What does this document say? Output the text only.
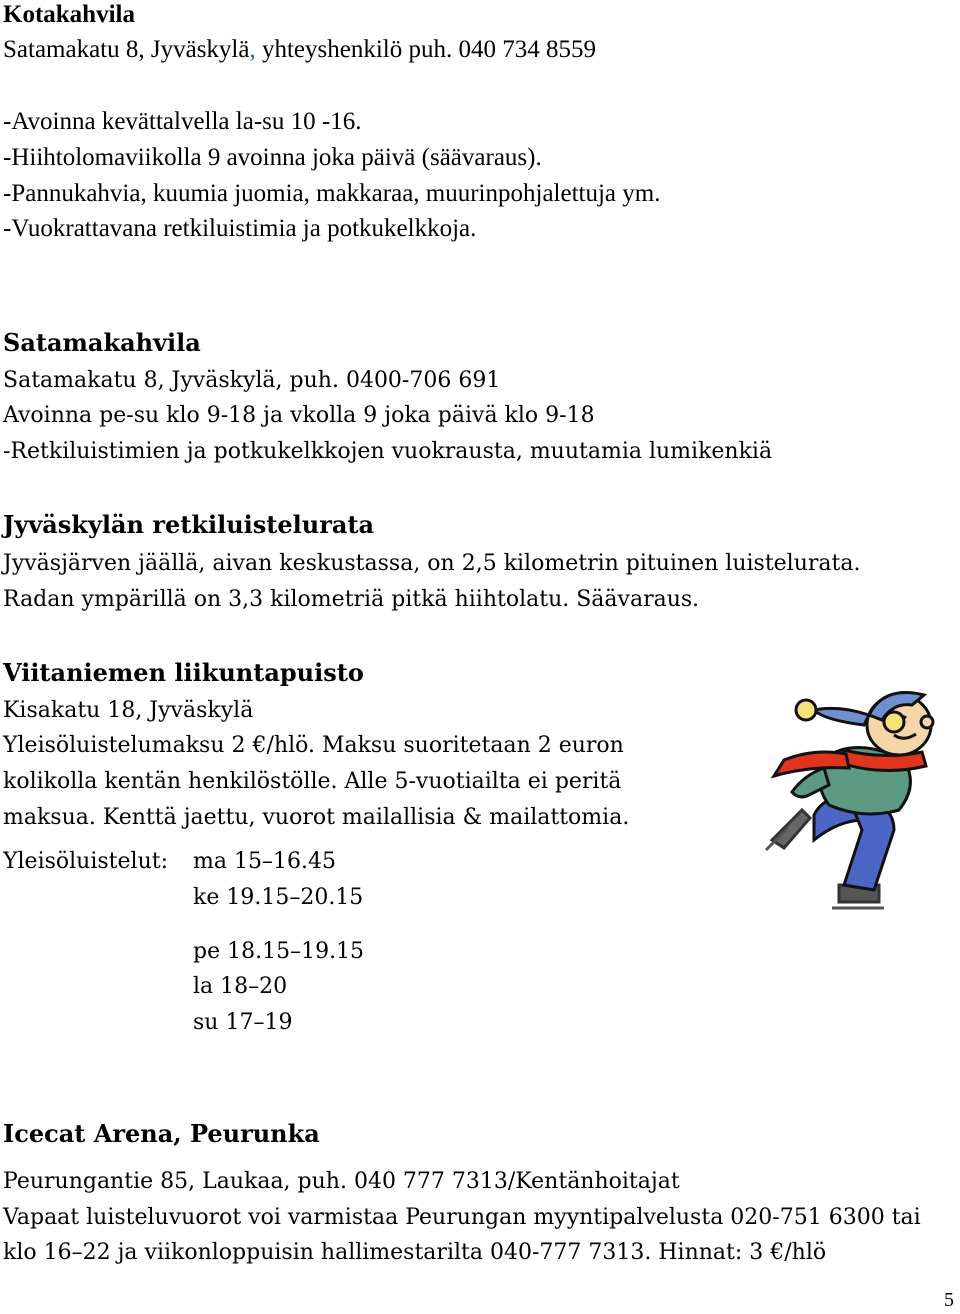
Kotakahvila
Satamakatu 8, Jyväskylä, yhteyshenkilö puh. 040 734 8559
-Avoinna kevättalvella la-su 10 -16.
-Hiihtolomaviikolla 9 avoinna joka päivä (säävaraus).
-Pannukahvia, kuumia juomia, makkaraa, muurinpohjalettuja ym.
-Vuokrattavana retkiluistimia ja potkukelkkoja.
Satamakahvila
Satamakatu 8, Jyväskylä, puh. 0400-706 691
Avoinna pe-su klo 9-18 ja vkolla 9 joka päivä klo 9-18
-Retkiluistimien ja potkukelkkojen vuokrausta, muutamia lumikenkiä
Jyväskylän retkiluistelurata
Jyväsjärven jäällä, aivan keskustassa, on 2,5 kilometrin pituinen luistelurata.
Radan ympärillä on 3,3 kilometriä pitkä hiihtolatu. Säävaraus.
Viitaniemen liikuntapuisto
Kisakatu 18, Jyväskylä
Yleisöluistelumaksu 2 €/hlö. Maksu suoritetaan 2 euron
kolikolla kentän henkilöstölle. Alle 5-vuotiailta ei peritä
maksua. Kenttä jaettu, vuorot mailallisia & mailattomia.
Yleisöluistelut: ma 15–16.45
ke 19.15–20.15
pe 18.15–19.15
la 18–20
su 17–19
Icecat Arena, Peurunka
Peurungantie 85, Laukaa, puh. 040 777 7313/Kentänhoitajat
Vapaat luisteluvuorot voi varmistaa Peurungan myyntipalvelusta 020-751 6300 tai
klo 16–22 ja viikonloppuisin hallimestarilta 040-777 7313. Hinnat: 3 €/hlö
5
